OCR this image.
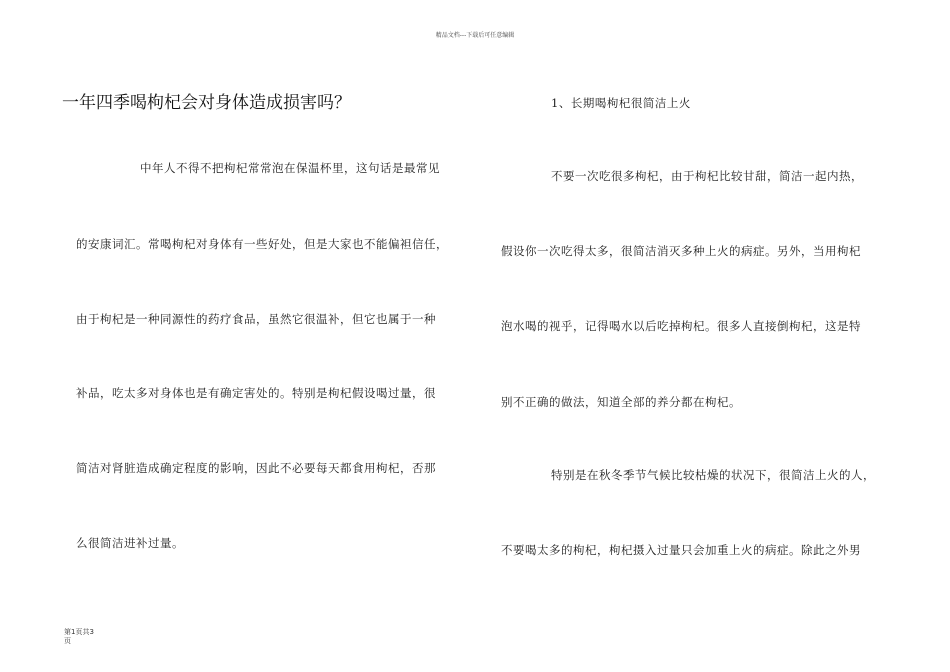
精品文档---下载后可任意编辑
一年四季喝枸杞会对身体造成损害吗？
中年人不得不把枸杞常常泡在保温杯里，这句话是最常见
的安康词汇。常喝枸杞对身体有一些好处，但是大家也不能偏袒信任，
由于枸杞是一种同源性的药疗食品，虽然它很温补，但它也属于一种
补品，吃太多对身体也是有确定害处的。特别是枸杞假设喝过量，很
简洁对肾脏造成确定程度的影响，因此不必要每天都食用枸杞，否那
么很简洁进补过量。
1、长期喝枸杞很简洁上火
不要一次吃很多枸杞，由于枸杞比较甘甜，简洁一起内热，
假设你一次吃得太多，很简洁消灭多种上火的病症。另外，当用枸杞
泡水喝的视乎，记得喝水以后吃掉枸杞。很多人直接倒枸杞，这是特
别不正确的做法，知道全部的养分都在枸杞。
特别是在秋冬季节气候比较枯燥的状况下，很简洁上火的人，
不要喝太多的枸杞，枸杞摄入过量只会加重上火的病症。除此之外男
第1页共3
页
